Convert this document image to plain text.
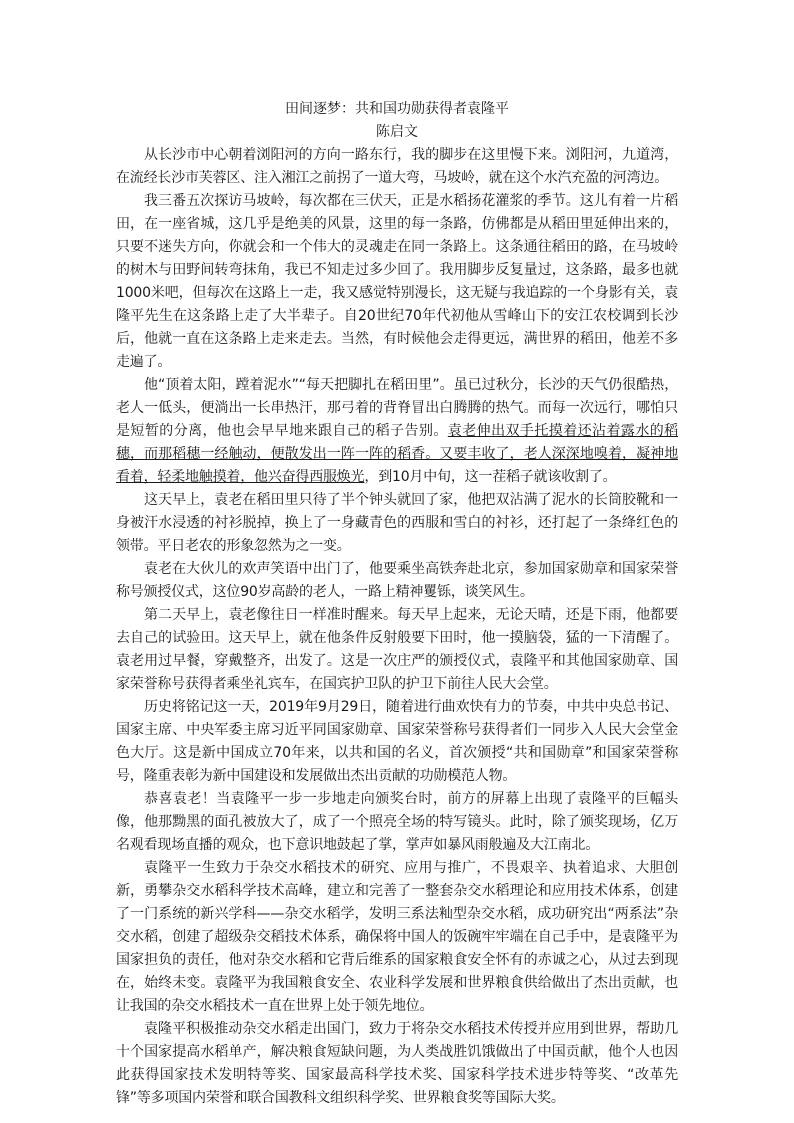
田间逐梦：共和国功勋获得者袁隆平
陈启文

从长沙市中心朝着浏阳河的方向一路东行，我的脚步在这里慢下来。浏阳河，九道湾，在流经长沙市芙蓉区、注入湘江之前拐了一道大弯，马坡岭，就在这个水汽充盈的河湾边。

我三番五次探访马坡岭，每次都在三伏天，正是水稻扬花灌浆的季节。这儿有着一片稻田，在一座省城，这几乎是绝美的风景，这里的每一条路，仿佛都是从稻田里延伸出来的，只要不迷失方向，你就会和一个伟大的灵魂走在同一条路上。这条通往稻田的路，在马坡岭的树木与田野间转弯抹角，我已不知走过多少回了。我用脚步反复量过，这条路，最多也就1000米吧，但每次在这路上一走，我又感觉特别漫长，这无疑与我追踪的一个身影有关，袁隆平先生在这条路上走了大半辈子。自20世纪70年代初他从雪峰山下的安江农校调到长沙后，他就一直在这条路上走来走去。当然，有时候他会走得更远，满世界的稻田，他差不多走遍了。

他“顶着太阳，蹚着泥水”“每天把脚扎在稻田里”。虽已过秋分，长沙的天气仍很酷热，老人一低头，便淌出一长串热汗，那弓着的背脊冒出白腾腾的热气。而每一次远行，哪怕只是短暂的分离，他也会早早地来跟自己的稻子告别。袁老伸出双手托摸着还沾着露水的稻穗，而那稻穗一经触动，便散发出一阵一阵的稻香。又要丰收了，老人深深地嗅着，凝神地看着，轻柔地触摸着，他兴奋得西服焕光，到10月中旬，这一茬稻子就该收割了。

这天早上，袁老在稻田里只待了半个钟头就回了家，他把双沾满了泥水的长筒胶靴和一身被汗水浸透的衬衫脱掉，换上了一身藏青色的西服和雪白的衬衫，还打起了一条绛红色的领带。平日老农的形象忽然为之一变。

袁老在大伙儿的欢声笑语中出门了，他要乘坐高铁奔赴北京，参加国家勋章和国家荣誉称号颁授仪式，这位90岁高龄的老人，一路上精神矍铄，谈笑风生。

第二天早上，袁老像往日一样准时醒来。每天早上起来，无论天晴，还是下雨，他都要去自己的试验田。这天早上，就在他条件反射般要下田时，他一摸脑袋，猛的一下清醒了。袁老用过早餐，穿戴整齐，出发了。这是一次庄严的颁授仪式，袁隆平和其他国家勋章、国家荣誉称号获得者乘坐礼宾车，在国宾护卫队的护卫下前往人民大会堂。

历史将铭记这一天，2019年9月29日，随着进行曲欢快有力的节奏，中共中央总书记、国家主席、中央军委主席习近平同国家勋章、国家荣誉称号获得者们一同步入人民大会堂金色大厅。这是新中国成立70年来，以共和国的名义，首次颁授“共和国勋章”和国家荣誉称号，隆重表彰为新中国建设和发展做出杰出贡献的功勋模范人物。

恭喜袁老！当袁隆平一步一步地走向颁奖台时，前方的屏幕上出现了袁隆平的巨幅头像，他那黝黑的面孔被放大了，成了一个照亮全场的特写镜头。此时，除了颁奖现场，亿万名观看现场直播的观众，也下意识地鼓起了掌，掌声如暴风雨般遍及大江南北。

袁隆平一生致力于杂交水稻技术的研究、应用与推广，不畏艰辛、执着追求、大胆创新，勇攀杂交水稻科学技术高峰，建立和完善了一整套杂交水稻理论和应用技术体系，创建了一门系统的新兴学科——杂交水稻学，发明三系法籼型杂交水稻，成功研究出“两系法”杂交水稻，创建了超级杂交稻技术体系，确保将中国人的饭碗牢牢端在自己手中，是袁隆平为国家担负的责任，他对杂交水稻和它背后维系的国家粮食安全怀有的赤诚之心，从过去到现在，始终未变。袁隆平为我国粮食安全、农业科学发展和世界粮食供给做出了杰出贡献，也让我国的杂交水稻技术一直在世界上处于领先地位。

袁隆平积极推动杂交水稻走出国门，致力于将杂交水稻技术传授并应用到世界，帮助几十个国家提高水稻单产，解决粮食短缺问题，为人类战胜饥饿做出了中国贡献，他个人也因此获得国家技术发明特等奖、国家最高科学技术奖、国家科学技术进步特等奖、“改革先锋”等多项国内荣誉和联合国教科文组织科学奖、世界粮食奖等国际大奖。
